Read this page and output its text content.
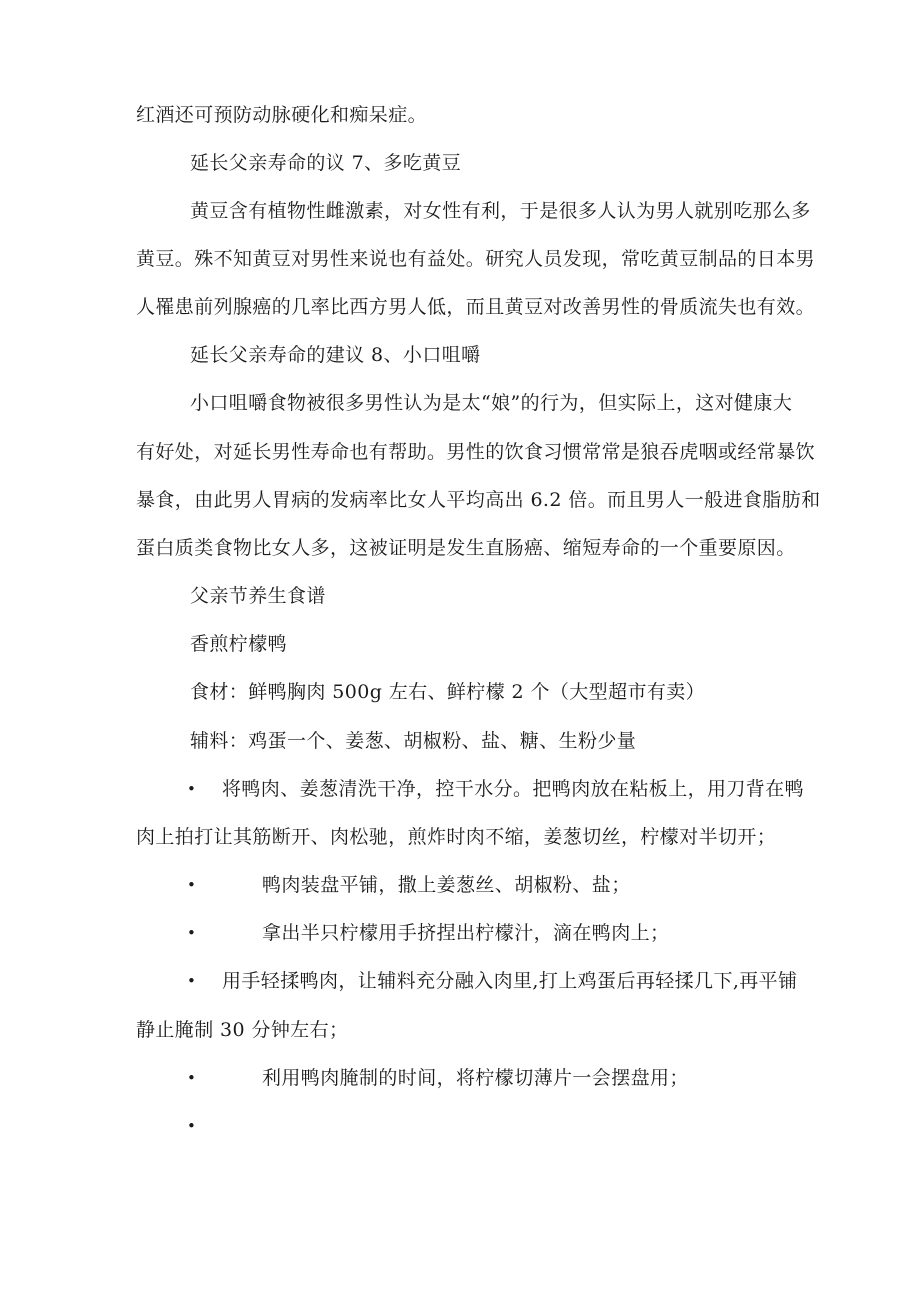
红酒还可预防动脉硬化和痴呆症。
延长父亲寿命的议 7、多吃黄豆
黄豆含有植物性雌激素，对女性有利，于是很多人认为男人就别吃那么多
黄豆。殊不知黄豆对男性来说也有益处。研究人员发现，常吃黄豆制品的日本男
人罹患前列腺癌的几率比西方男人低，而且黄豆对改善男性的骨质流失也有效。
延长父亲寿命的建议 8、小口咀嚼
小口咀嚼食物被很多男性认为是太“娘”的行为，但实际上，这对健康大
有好处，对延长男性寿命也有帮助。男性的饮食习惯常常是狼吞虎咽或经常暴饮
暴食，由此男人胃病的发病率比女人平均高出 6.2 倍。而且男人一般进食脂肪和
蛋白质类食物比女人多，这被证明是发生直肠癌、缩短寿命的一个重要原因。
父亲节养生食谱
香煎柠檬鸭
食材：鲜鸭胸肉 500g 左右、鲜柠檬 2 个（大型超市有卖）
辅料：鸡蛋一个、姜葱、胡椒粉、盐、糖、生粉少量
• 将鸭肉、姜葱清洗干净，控干水分。把鸭肉放在粘板上，用刀背在鸭
肉上拍打让其筋断开、肉松驰，煎炸时肉不缩，姜葱切丝，柠檬对半切开；
•	鸭肉装盘平铺，撒上姜葱丝、胡椒粉、盐；
•	拿出半只柠檬用手挤捏出柠檬汁，滴在鸭肉上；
• 用手轻揉鸭肉，让辅料充分融入肉里,打上鸡蛋后再轻揉几下,再平铺
静止腌制 30 分钟左右；
•	利用鸭肉腌制的时间，将柠檬切薄片一会摆盘用；
•
